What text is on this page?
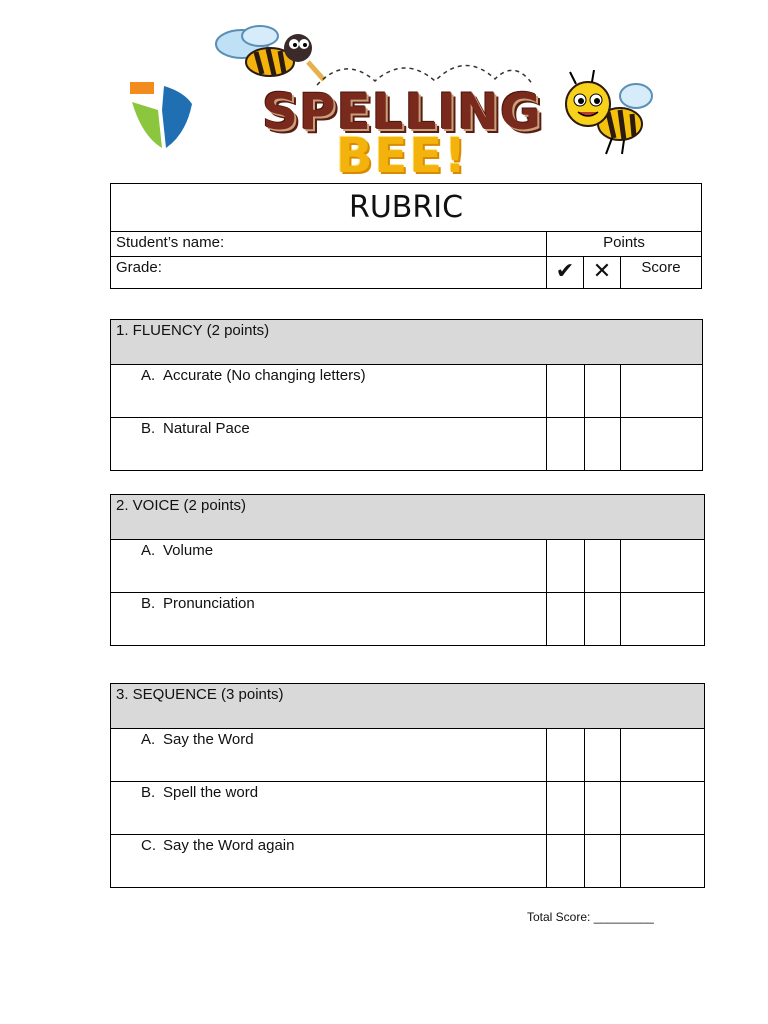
SPELLING
BEE!
RUBRIC			
Student’s name:	Points		
Grade:	✔	✕	Score
1. FLUENCY (2 points)			
A. Accurate (No changing letters)			
B. Natural Pace			
2. VOICE (2 points)			
A. Volume			
B. Pronunciation			
3. SEQUENCE (3 points)			
A. Say the Word			
B. Spell the word			
C. Say the Word again			
Total Score: _________
